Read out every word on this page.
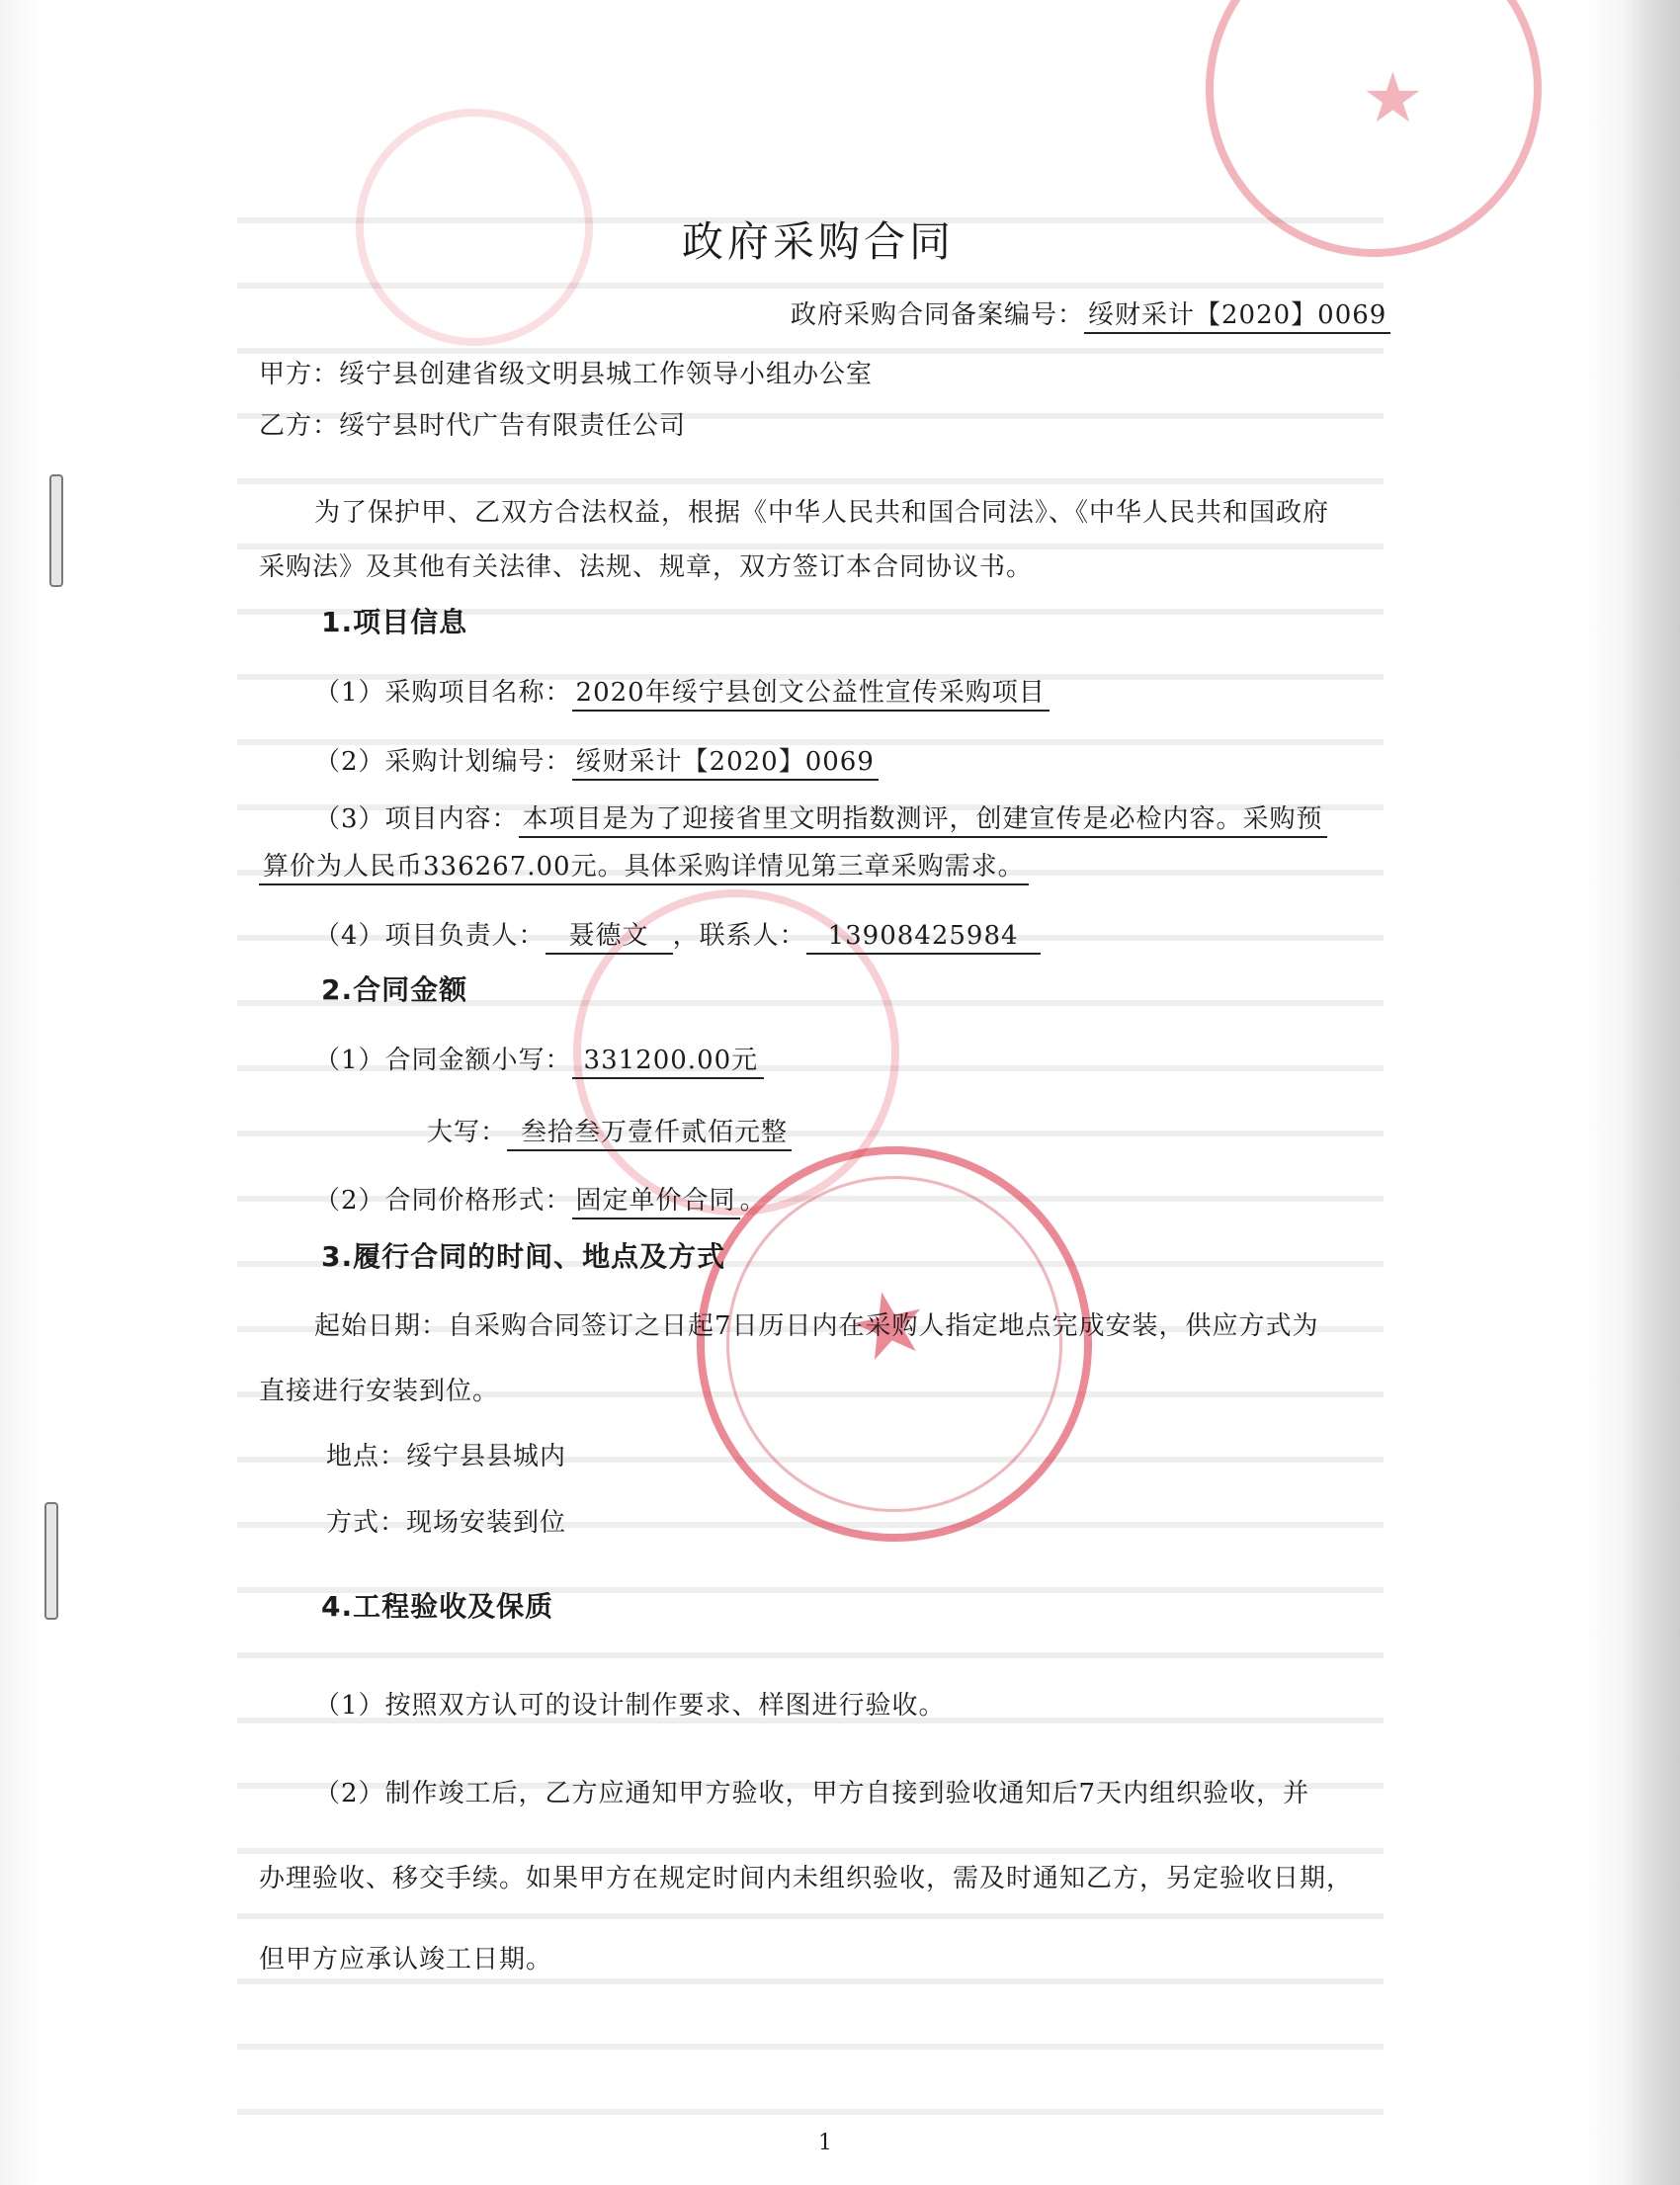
★
★
政府采购合同
政府采购合同备案编号： 绥财采计【2020】0069
甲方：绥宁县创建省级文明县城工作领导小组办公室
乙方：绥宁县时代广告有限责任公司
为了保护甲、乙双方合法权益，根据《中华人民共和国合同法》、《中华人民共和国政府
采购法》及其他有关法律、法规、规章，双方签订本合同协议书。
1.项目信息
（1）采购项目名称： 2020年绥宁县创文公益性宣传采购项目
（2）采购计划编号： 绥财采计【2020】0069
（3）项目内容： 本项目是为了迎接省里文明指数测评，创建宣传是必检内容。采购预
算价为人民币336267.00元。具体采购详情见第三章采购需求。
（4）项目负责人： 聂德文 ，联系人： 13908425984
2.合同金额
（1）合同金额小写： 331200.00元
大写： 叁拾叁万壹仟贰佰元整
（2）合同价格形式： 固定单价合同 。
3.履行合同的时间、地点及方式
起始日期：自采购合同签订之日起7日历日内在采购人指定地点完成安装，供应方式为
直接进行安装到位。
地点：绥宁县县城内
方式：现场安装到位
4.工程验收及保质
（1）按照双方认可的设计制作要求、样图进行验收。
（2）制作竣工后，乙方应通知甲方验收，甲方自接到验收通知后7天内组织验收，并
办理验收、移交手续。如果甲方在规定时间内未组织验收，需及时通知乙方，另定验收日期，
但甲方应承认竣工日期。
1
